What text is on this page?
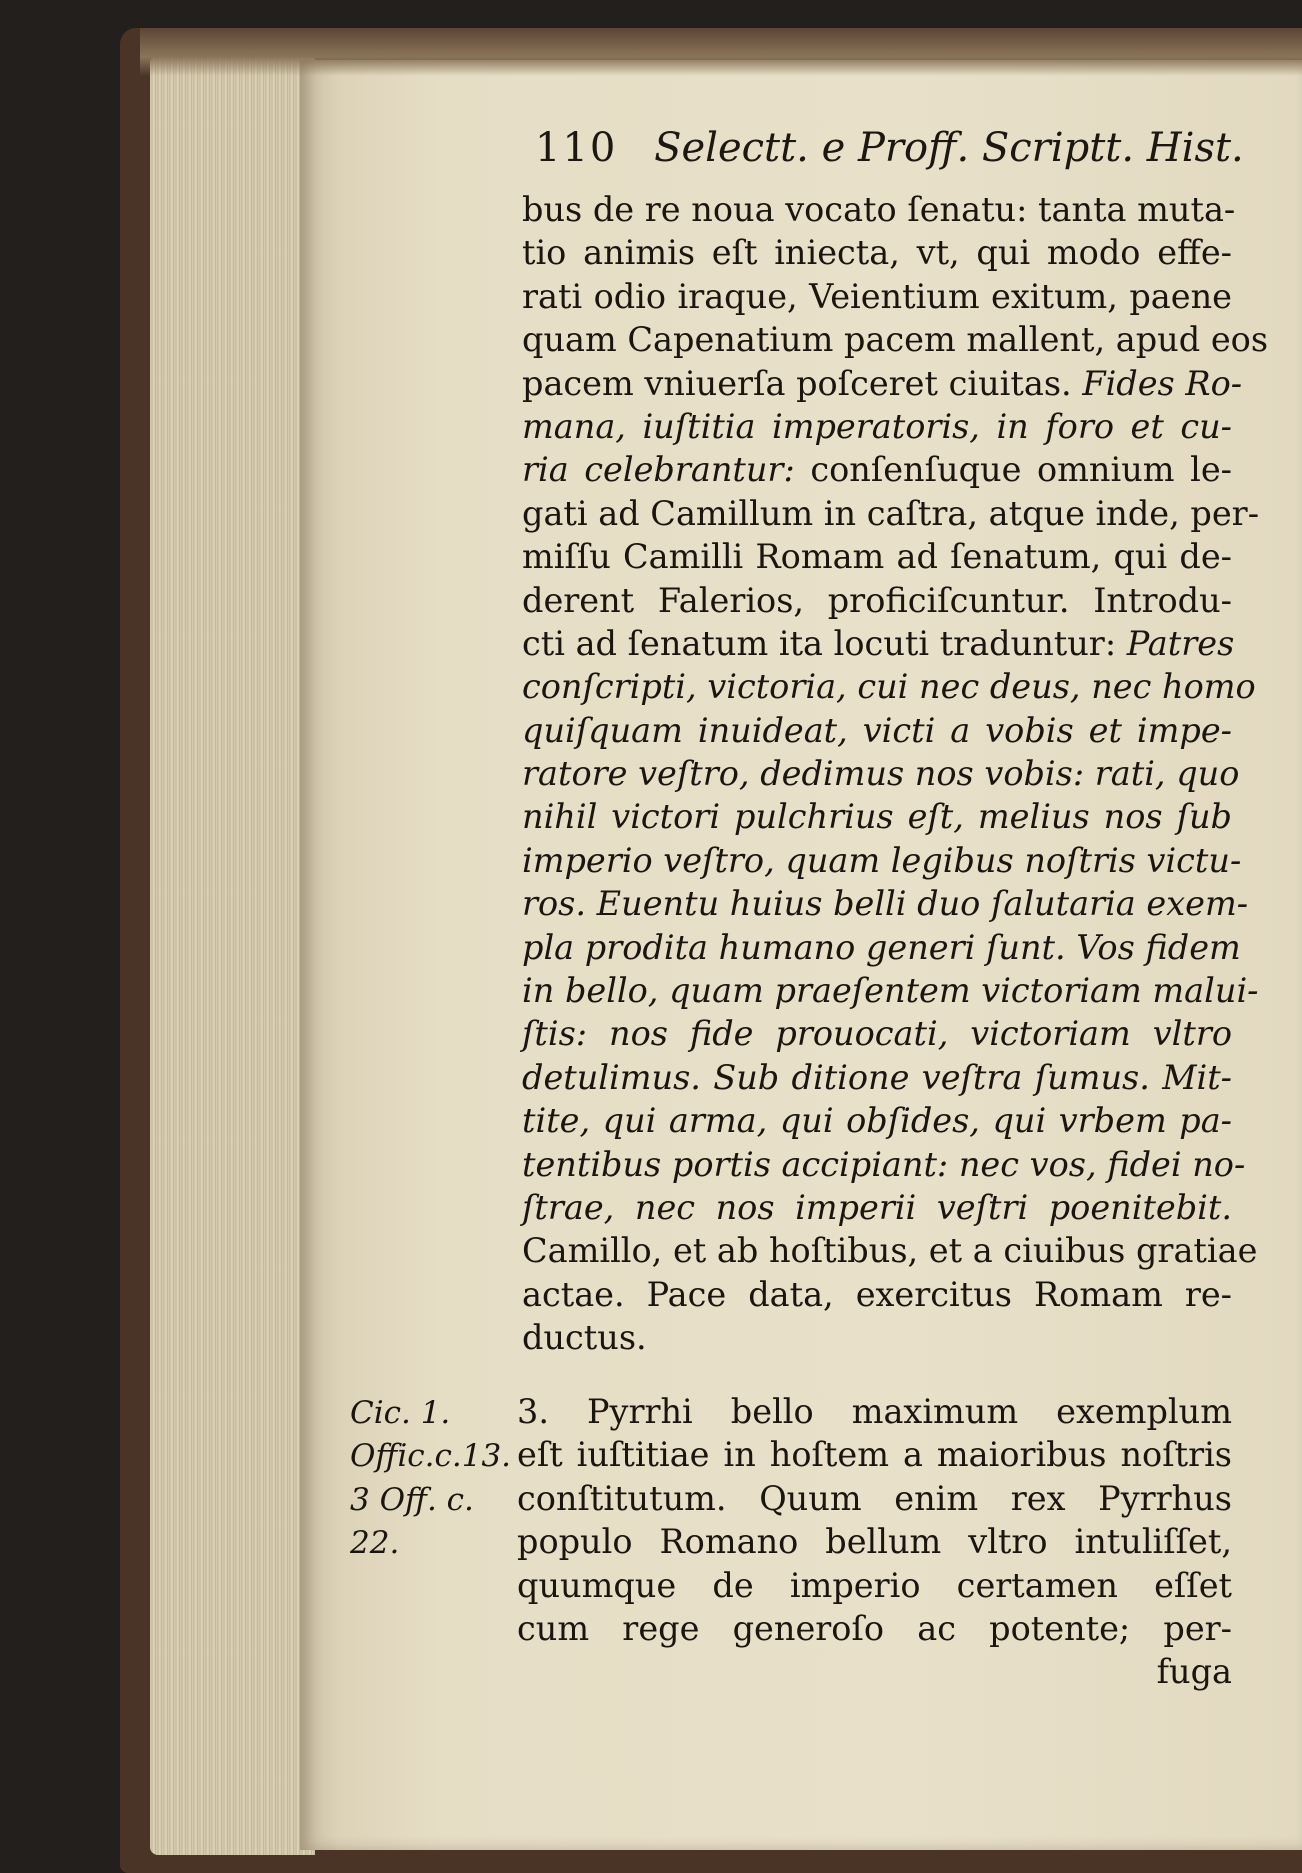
110 Selectt. e Proff. Scriptt. Hist.
bus de re noua vocato ſenatu: tanta muta-
tio animis eſt iniecta, vt, qui modo effe-
rati odio iraque, Veientium exitum, paene
quam Capenatium pacem mallent, apud eos
pacem vniuerſa poſceret ciuitas. Fides Ro-
mana, iuſtitia imperatoris, in foro et cu-
ria celebrantur: conſenſuque omnium le-
gati ad Camillum in caſtra, atque inde, per-
miſſu Camilli Romam ad ſenatum, qui de-
derent Falerios, proficiſcuntur. Introdu-
cti ad ſenatum ita locuti traduntur: Patres
conſcripti, victoria, cui nec deus, nec homo
quiſquam inuideat, victi a vobis et impe-
ratore veſtro, dedimus nos vobis: rati, quo
nihil victori pulchrius eſt, melius nos ſub
imperio veſtro, quam legibus noſtris victu-
ros. Euentu huius belli duo ſalutaria exem-
pla prodita humano generi ſunt. Vos fidem
in bello, quam praeſentem victoriam malui-
ſtis: nos fide prouocati, victoriam vltro
detulimus. Sub ditione veſtra ſumus. Mit-
tite, qui arma, qui obſides, qui vrbem pa-
tentibus portis accipiant: nec vos, fidei no-
ſtrae, nec nos imperii veſtri poenitebit.
Camillo, et ab hoſtibus, et a ciuibus gratiae
actae. Pace data, exercitus Romam re-
ductus.
Cic. 1.
Offic.c.13.
3 Off. c.
22.
3. Pyrrhi bello maximum exemplum
eſt iuſtitiae in hoſtem a maioribus noſtris
conſtitutum. Quum enim rex Pyrrhus
populo Romano bellum vltro intuliſſet,
quumque de imperio certamen eſſet
cum rege generoſo ac potente; per-
fuga
